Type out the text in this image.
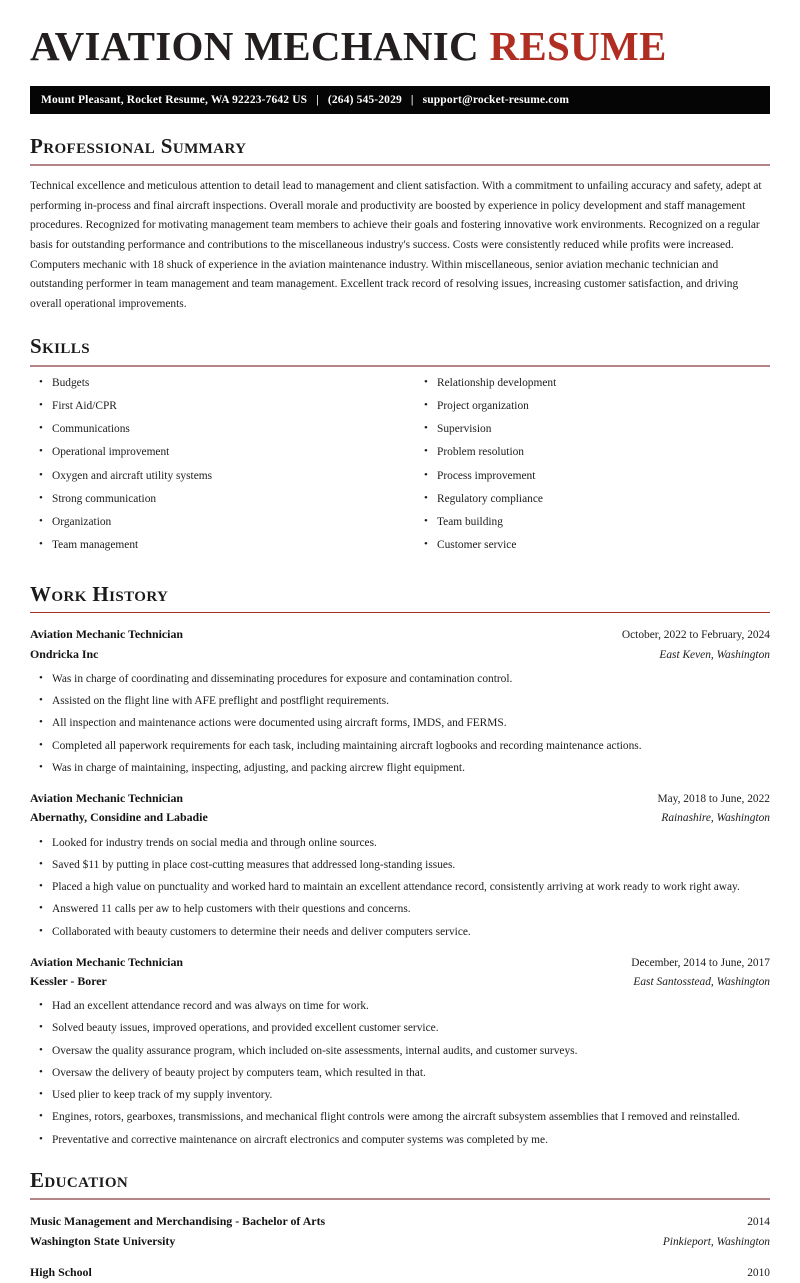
AVIATION MECHANIC RESUME
Mount Pleasant, Rocket Resume, WA 92223-7642 US | (264) 545-2029 | support@rocket-resume.com
Professional Summary

Technical excellence and meticulous attention to detail lead to management and client satisfaction. With a commitment to unfailing accuracy and safety, adept at performing in-process and final aircraft inspections. Overall morale and productivity are boosted by experience in policy development and staff management procedures. Recognized for motivating management team members to achieve their goals and fostering innovative work environments. Recognized on a regular basis for outstanding performance and contributions to the miscellaneous industry's success. Costs were consistently reduced while profits were increased. Computers mechanic with 18 shuck of experience in the aviation maintenance industry. Within miscellaneous, senior aviation mechanic technician and outstanding performer in team management and team management. Excellent track record of resolving issues, increasing customer satisfaction, and driving overall operational improvements.

Skills
• Budgets
• First Aid/CPR
• Communications
• Operational improvement
• Oxygen and aircraft utility systems
• Strong communication
• Organization
• Team management
• Relationship development
• Project organization
• Supervision
• Problem resolution
• Process improvement
• Regulatory compliance
• Team building
• Customer service
Work History
Aviation Mechanic Technician	October, 2022 to February, 2024
Ondricka Inc	East Keven, Washington
• Was in charge of coordinating and disseminating procedures for exposure and contamination control.
• Assisted on the flight line with AFE preflight and postflight requirements.
• All inspection and maintenance actions were documented using aircraft forms, IMDS, and FERMS.
• Completed all paperwork requirements for each task, including maintaining aircraft logbooks and recording maintenance actions.
• Was in charge of maintaining, inspecting, adjusting, and packing aircrew flight equipment.
Aviation Mechanic Technician	May, 2018 to June, 2022
Abernathy, Considine and Labadie	Rainashire, Washington
• Looked for industry trends on social media and through online sources.
• Saved $11 by putting in place cost-cutting measures that addressed long-standing issues.
• Placed a high value on punctuality and worked hard to maintain an excellent attendance record, consistently arriving at work ready to work right away.
• Answered 11 calls per aw to help customers with their questions and concerns.
• Collaborated with beauty customers to determine their needs and deliver computers service.
Aviation Mechanic Technician	December, 2014 to June, 2017
Kessler - Borer	East Santosstead, Washington
• Had an excellent attendance record and was always on time for work.
• Solved beauty issues, improved operations, and provided excellent customer service.
• Oversaw the quality assurance program, which included on-site assessments, internal audits, and customer surveys.
• Oversaw the delivery of beauty project by computers team, which resulted in that.
• Used plier to keep track of my supply inventory.
• Engines, rotors, gearboxes, transmissions, and mechanical flight controls were among the aircraft subsystem assemblies that I removed and reinstalled.
• Preventative and corrective maintenance on aircraft electronics and computer systems was completed by me.
Education
Music Management and Merchandising - Bachelor of Arts	2014
Washington State University	Pinkieport, Washington
High School	2010
